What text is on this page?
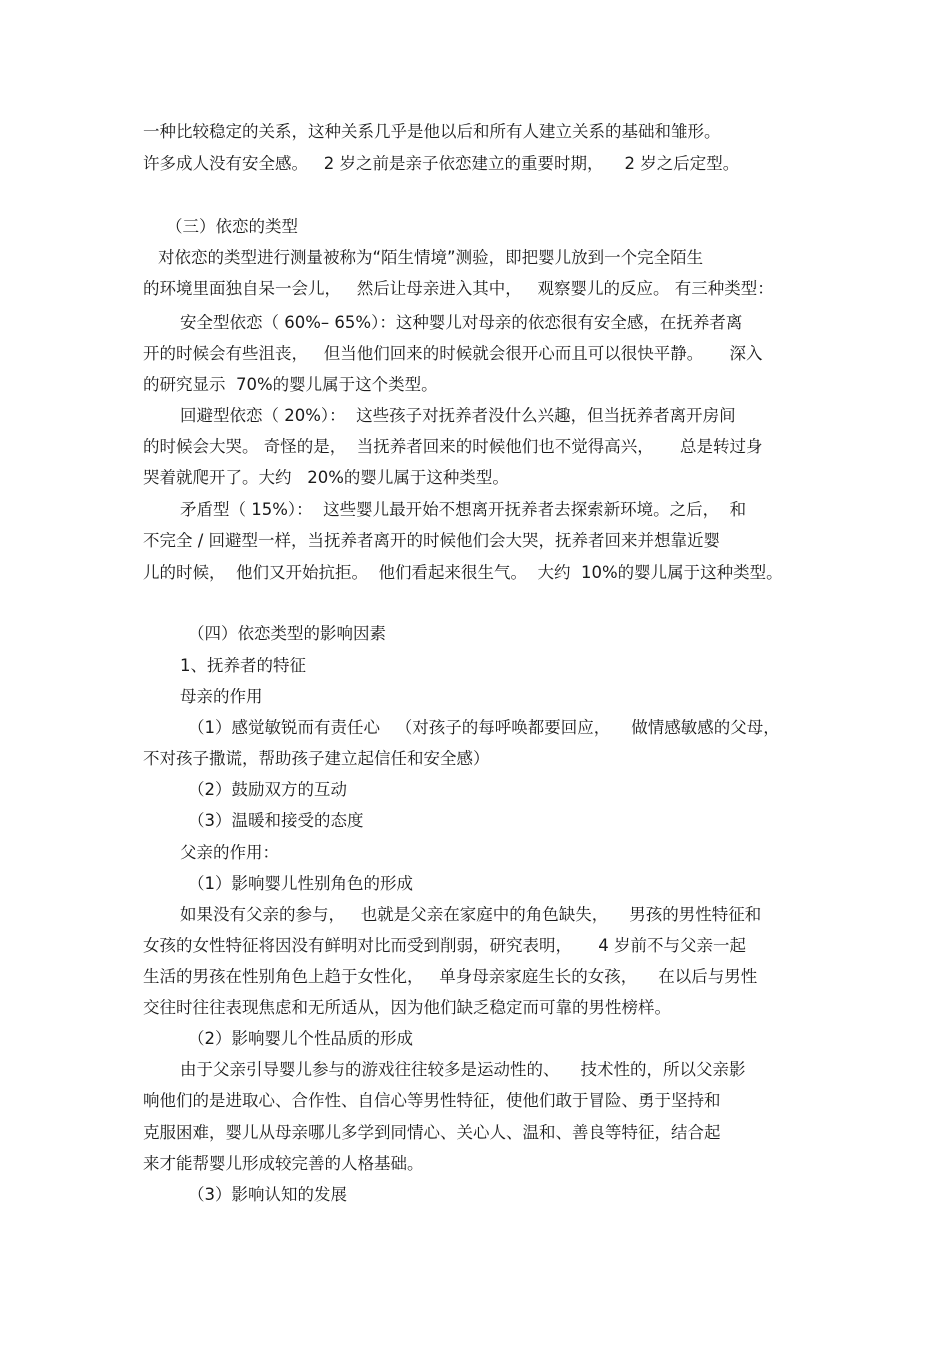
一种比较稳定的关系，这种关系几乎是他以后和所有人建立关系的基础和雏形。
许多成人没有安全感。   2 岁之前是亲子依恋建立的重要时期，    2 岁之后定型。
（三）依恋的类型
对依恋的类型进行测量被称为“陌生情境”测验，即把婴儿放到一个完全陌生
的环境里面独自呆一会儿，   然后让母亲进入其中，   观察婴儿的反应。 有三种类型：
安全型依恋（ 60%– 65%）：这种婴儿对母亲的依恋很有安全感，在抚养者离
开的时候会有些沮丧，   但当他们回来的时候就会很开心而且可以很快平静。     深入
的研究显示  70%的婴儿属于这个类型。
回避型依恋（ 20%）：  这些孩子对抚养者没什么兴趣，但当抚养者离开房间
的时候会大哭。 奇怪的是，  当抚养者回来的时候他们也不觉得高兴，     总是转过身
哭着就爬开了。大约   20%的婴儿属于这种类型。
矛盾型（ 15%）：  这些婴儿最开始不想离开抚养者去探索新环境。之后，  和
不完全 / 回避型一样，当抚养者离开的时候他们会大哭，抚养者回来并想靠近婴
儿的时候，  他们又开始抗拒。  他们看起来很生气。  大约  10%的婴儿属于这种类型。
（四）依恋类型的影响因素
1、抚养者的特征
母亲的作用
（1）感觉敏锐而有责任心   （对孩子的每呼唤都要回应，    做情感敏感的父母，
不对孩子撒谎，帮助孩子建立起信任和安全感）
（2）鼓励双方的互动
（3）温暖和接受的态度
父亲的作用：
（1）影响婴儿性别角色的形成
如果没有父亲的参与，   也就是父亲在家庭中的角色缺失，    男孩的男性特征和
女孩的女性特征将因没有鲜明对比而受到削弱，研究表明，     4 岁前不与父亲一起
生活的男孩在性别角色上趋于女性化，   单身母亲家庭生长的女孩，    在以后与男性
交往时往往表现焦虑和无所适从，因为他们缺乏稳定而可靠的男性榜样。
（2）影响婴儿个性品质的形成
由于父亲引导婴儿参与的游戏往往较多是运动性的、    技术性的，所以父亲影
响他们的是进取心、合作性、自信心等男性特征，使他们敢于冒险、勇于坚持和
克服困难，婴儿从母亲哪儿多学到同情心、关心人、温和、善良等特征，结合起
来才能帮婴儿形成较完善的人格基础。
（3）影响认知的发展
